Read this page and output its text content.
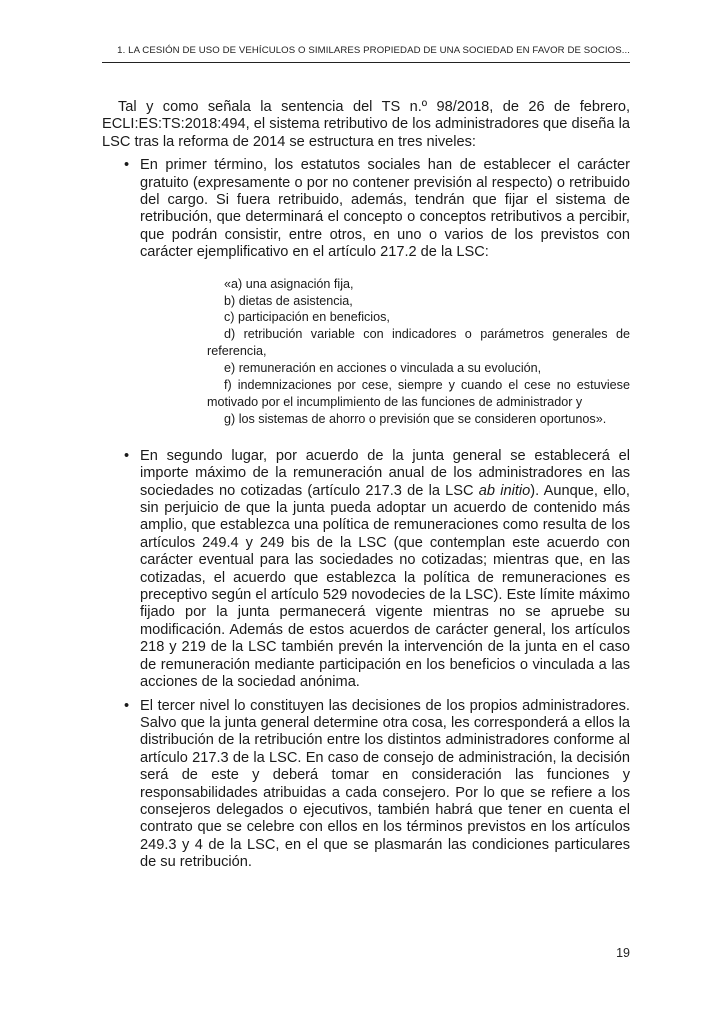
1. LA CESIÓN DE USO DE VEHÍCULOS O SIMILARES PROPIEDAD DE UNA SOCIEDAD EN FAVOR DE SOCIOS...

Tal y como señala la sentencia del TS n.º 98/2018, de 26 de febrero, ECLI:ES:TS:2018:494, el sistema retributivo de los administradores que diseña la LSC tras la reforma de 2014 se estructura en tres niveles:

• En primer término, los estatutos sociales han de establecer el carácter gratuito (expresamente o por no contener previsión al respecto) o retribuido del cargo. Si fuera retribuido, además, tendrán que fijar el sistema de retribución, que determinará el concepto o conceptos retributivos a percibir, que podrán consistir, entre otros, en uno o varios de los previstos con carácter ejemplificativo en el artículo 217.2 de la LSC:

«a) una asignación fija,

b) dietas de asistencia,

c) participación en beneficios,

d) retribución variable con indicadores o parámetros generales de referencia,

e) remuneración en acciones o vinculada a su evolución,

f) indemnizaciones por cese, siempre y cuando el cese no estuviese motivado por el incumplimiento de las funciones de administrador y

g) los sistemas de ahorro o previsión que se consideren oportunos».

• En segundo lugar, por acuerdo de la junta general se establecerá el importe máximo de la remuneración anual de los administradores en las sociedades no cotizadas (artículo 217.3 de la LSC ab initio). Aunque, ello, sin perjuicio de que la junta pueda adoptar un acuerdo de contenido más amplio, que establezca una política de remuneraciones como resulta de los artículos 249.4 y 249 bis de la LSC (que contemplan este acuerdo con carácter eventual para las sociedades no cotizadas; mientras que, en las cotizadas, el acuerdo que establezca la política de remuneraciones es preceptivo según el artículo 529 novodecies de la LSC). Este límite máximo fijado por la junta permanecerá vigente mientras no se apruebe su modificación. Además de estos acuerdos de carácter general, los artículos 218 y 219 de la LSC también prevén la intervención de la junta en el caso de remuneración mediante participación en los beneficios o vinculada a las acciones de la sociedad anónima.

• El tercer nivel lo constituyen las decisiones de los propios administradores. Salvo que la junta general determine otra cosa, les corresponderá a ellos la distribución de la retribución entre los distintos administradores conforme al artículo 217.3 de la LSC. En caso de consejo de administración, la decisión será de este y deberá tomar en consideración las funciones y responsabilidades atribuidas a cada consejero. Por lo que se refiere a los consejeros delegados o ejecutivos, también habrá que tener en cuenta el contrato que se celebre con ellos en los términos previstos en los artículos 249.3 y 4 de la LSC, en el que se plasmarán las condiciones particulares de su retribución.

19
